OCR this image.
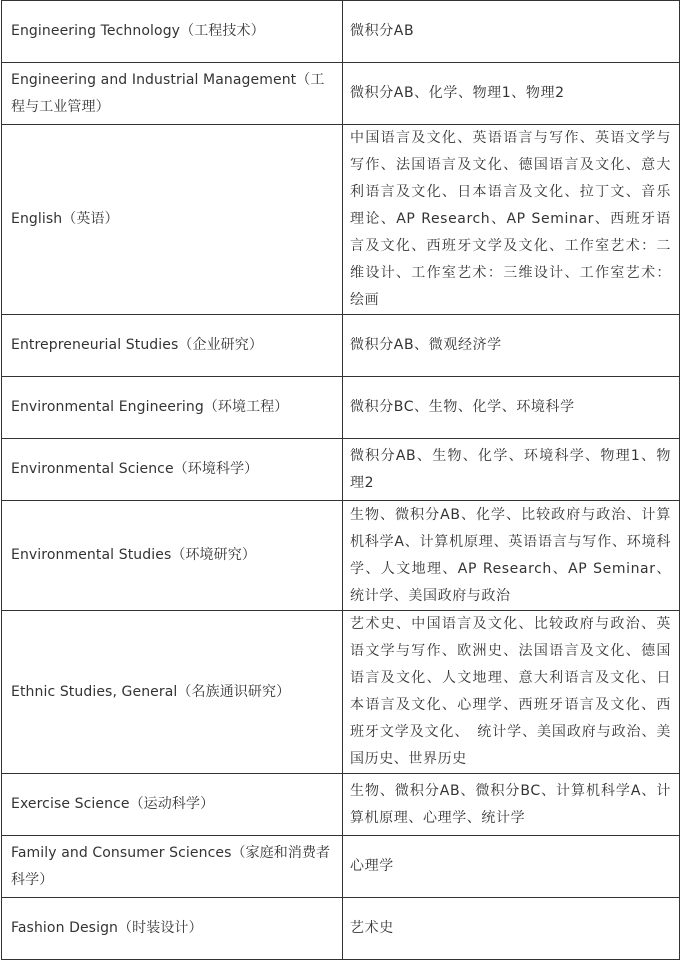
Engineering Technology（工程技术）	微积分AB
Engineering and Industrial Management（工程与工业管理）	微积分AB、化学、物理1、物理2
English（英语）	中国语言及文化、英语语言与写作、英语文学与写作、法国语言及文化、德国语言及文化、意大利语言及文化、日本语言及文化、拉丁文、音乐理论、AP Research、AP Seminar、西班牙语言及文化、西班牙文学及文化、工作室艺术：二维设计、工作室艺术：三维设计、工作室艺术：绘画
Entrepreneurial Studies（企业研究）	微积分AB、微观经济学
Environmental Engineering（环境工程）	微积分BC、生物、化学、环境科学
Environmental Science（环境科学）	微积分AB、生物、化学、环境科学、物理1、物理2
Environmental Studies（环境研究）	生物、微积分AB、化学、比较政府与政治、计算机科学A、计算机原理、英语语言与写作、环境科学、人文地理、AP Research、AP Seminar、统计学、美国政府与政治
Ethnic Studies, General（名族通识研究）	艺术史、中国语言及文化、比较政府与政治、英语文学与写作、欧洲史、法国语言及文化、德国语言及文化、人文地理、意大利语言及文化、日本语言及文化、心理学、西班牙语言及文化、西班牙文学及文化、　统计学、美国政府与政治、美国历史、世界历史
Exercise Science（运动科学）	生物、微积分AB、微积分BC、计算机科学A、计算机原理、心理学、统计学
Family and Consumer Sciences（家庭和消费者科学）	心理学
Fashion Design（时装设计）	艺术史
